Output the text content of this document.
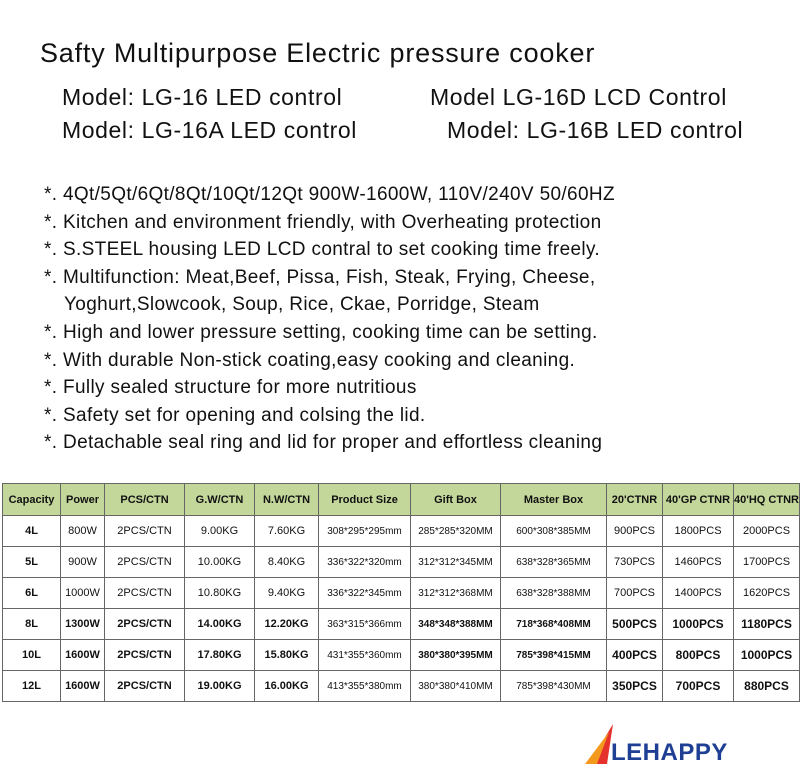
Safty Multipurpose Electric pressure cooker
Model: LG-16 LED control	Model LG-16D LCD Control
Model: LG-16A LED control	Model: LG-16B LED control
*. 4Qt/5Qt/6Qt/8Qt/10Qt/12Qt 900W-1600W, 110V/240V 50/60HZ
*. Kitchen and environment friendly, with Overheating protection
*. S.STEEL housing LED LCD contral to set cooking time freely.
*. Multifunction: Meat,Beef, Pissa, Fish, Steak, Frying, Cheese,
Yoghurt,Slowcook, Soup, Rice, Ckae, Porridge, Steam
*. High and lower pressure setting, cooking time can be setting.
*. With durable Non-stick coating,easy cooking and cleaning.
*. Fully sealed structure for more nutritious
*. Safety set for opening and colsing the lid.
*. Detachable seal ring and lid for proper and effortless cleaning
Capacity	Power	PCS/CTN	G.W/CTN	N.W/CTN	Product Size	Gift Box	Master Box	20'CTNR	40'GP CTNR	40'HQ CTNR
4L	800W	2PCS/CTN	9.00KG	7.60KG	308*295*295mm	285*285*320MM	600*308*385MM	900PCS	1800PCS	2000PCS
5L	900W	2PCS/CTN	10.00KG	8.40KG	336*322*320mm	312*312*345MM	638*328*365MM	730PCS	1460PCS	1700PCS
6L	1000W	2PCS/CTN	10.80KG	9.40KG	336*322*345mm	312*312*368MM	638*328*388MM	700PCS	1400PCS	1620PCS
8L	1300W	2PCS/CTN	14.00KG	12.20KG	363*315*366mm	348*348*388MM	718*368*408MM	500PCS	1000PCS	1180PCS
10L	1600W	2PCS/CTN	17.80KG	15.80KG	431*355*360mm	380*380*395MM	785*398*415MM	400PCS	800PCS	1000PCS
12L	1600W	2PCS/CTN	19.00KG	16.00KG	413*355*380mm	380*380*410MM	785*398*430MM	350PCS	700PCS	880PCS
LEHAPPY
